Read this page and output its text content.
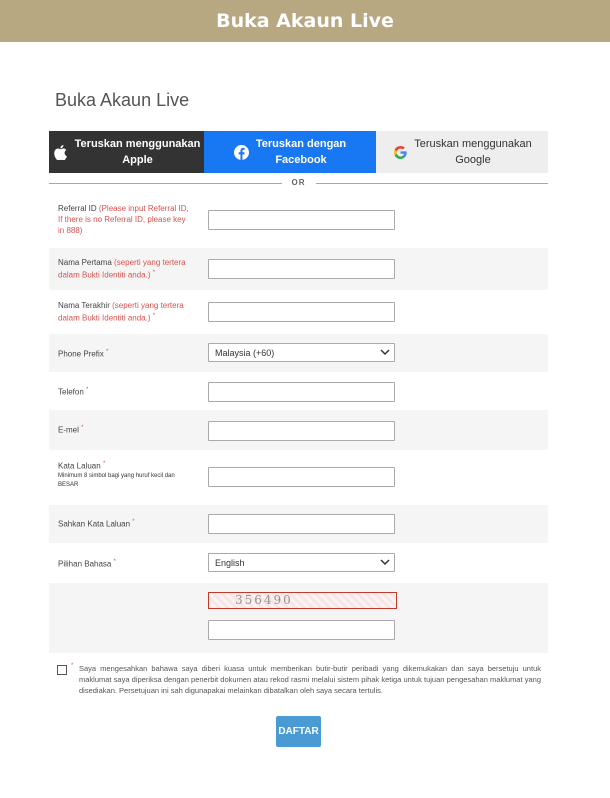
Buka Akaun Live
Buka Akaun Live
Teruskan menggunakan
Apple
Teruskan dengan
Facebook
Teruskan menggunakan
Google
OR
Referral ID (Please input Referral ID, If there is no Referral ID, please key in 888)
Nama Pertama (seperti yang tertera dalam Bukti Identiti anda.) *
Nama Terakhir (seperti yang tertera dalam Bukti Identiti anda.) *
Phone Prefix *	Malaysia (+60)
Telefon *
E-mel *
Kata Laluan *
Minimum 8 simbol bagi yang huruf kecil dan BESAR
Sahkan Kata Laluan *
Pilihan Bahasa *	English
356490
* Saya mengesahkan bahawa saya diberi kuasa untuk memberikan butir-butir peribadi yang dikemukakan dan saya bersetuju untuk maklumat saya diperiksa dengan penerbit dokumen atau rekod rasmi melalui sistem pihak ketiga untuk tujuan pengesahan maklumat yang disediakan. Persetujuan ini sah digunapakai melainkan dibatalkan oleh saya secara tertulis.
DAFTAR
